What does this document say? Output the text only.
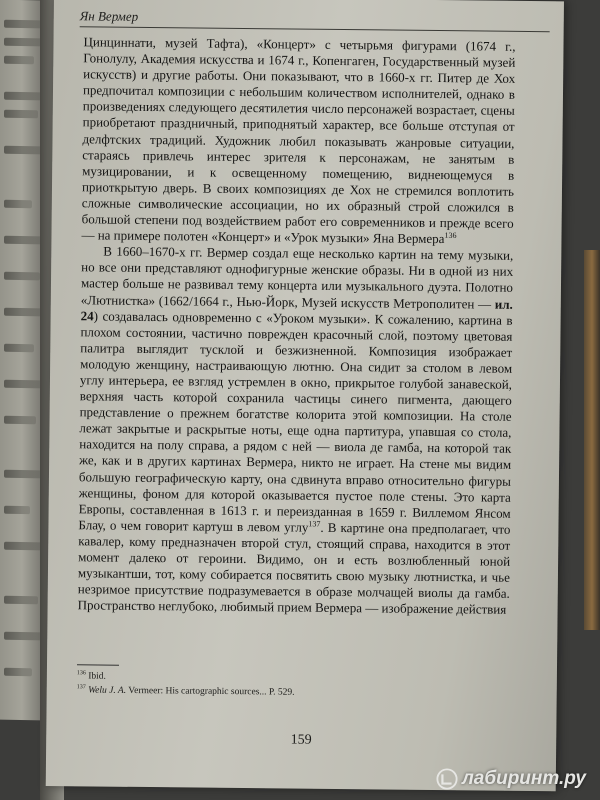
Ян Вермер

Цинциннати, музей Тафта), «Концерт» с четырьмя фигурами (1674 г., Гонолулу, Академия искусства и 1674 г., Копенгаген, Государственный музей искусств) и другие работы. Они показывают, что в 1660-х гг. Питер де Хох предпочитал композиции с небольшим количеством исполнителей, однако в произведениях следующего десятилетия число персонажей возрастает, сцены приобретают праздничный, приподнятый характер, все больше отступая от делфтских традиций. Художник любил показывать жанровые ситуации, стараясь привлечь интерес зрителя к персонажам, не занятым в музицировании, и к освещенному помещению, виднеющемуся в приоткрытую дверь. В своих композициях де Хох не стремился воплотить сложные символические ассоциации, но их образный строй сложился в большой степени под воздействием работ его современников и прежде всего — на примере полотен «Концерт» и «Урок музыки» Яна Вермера$^{136}$

В 1660–1670-х гг. Вермер создал еще несколько картин на тему музыки, но все они представляют однофигурные женские образы. Ни в одной из них мастер больше не развивал тему концерта или музыкального дуэта. Полотно «Лютнистка» (1662/1664 г., Нью-Йорк, Музей искусств Метрополитен — ил. 24) создавалась одновременно с «Уроком музыки». К сожалению, картина в плохом состоянии, частично поврежден красочный слой, поэтому цветовая палитра выглядит тусклой и безжизненной. Композиция изображает молодую женщину, настраивающую лютню. Она сидит за столом в левом углу интерьера, ее взгляд устремлен в окно, прикрытое голубой занавеской, верхняя часть которой сохранила частицы синего пигмента, дающего представление о прежнем богатстве колорита этой композиции. На столе лежат закрытые и раскрытые ноты, еще одна партитура, упавшая со стола, находится на полу справа, а рядом с ней — виола де гамба, на которой так же, как и в других картинах Вермера, никто не играет. На стене мы видим большую географическую карту, она сдвинута вправо относительно фигуры женщины, фоном для которой оказывается пустое поле стены. Это карта Европы, составленная в 1613 г. и переизданная в 1659 г. Виллемом Янсом Блау, о чем говорит картуш в левом углу$^{137}$. В картине она предполагает, что кавалер, кому предназначен второй стул, стоящий справа, находится в этот момент далеко от героини. Видимо, он и есть возлюбленный юной музыкантши, тот, кому собирается посвятить свою музыку лютнистка, и чье незримое присутствие подразумевается в образе молчащей виолы да гамба. Пространство неглубоко, любимый прием Вермера — изображение действия

$^{136}$ Ibid.
$^{137}$ Welu J. A. Vermeer: His cartographic sources... P. 529.
159
лабиринт.ру
